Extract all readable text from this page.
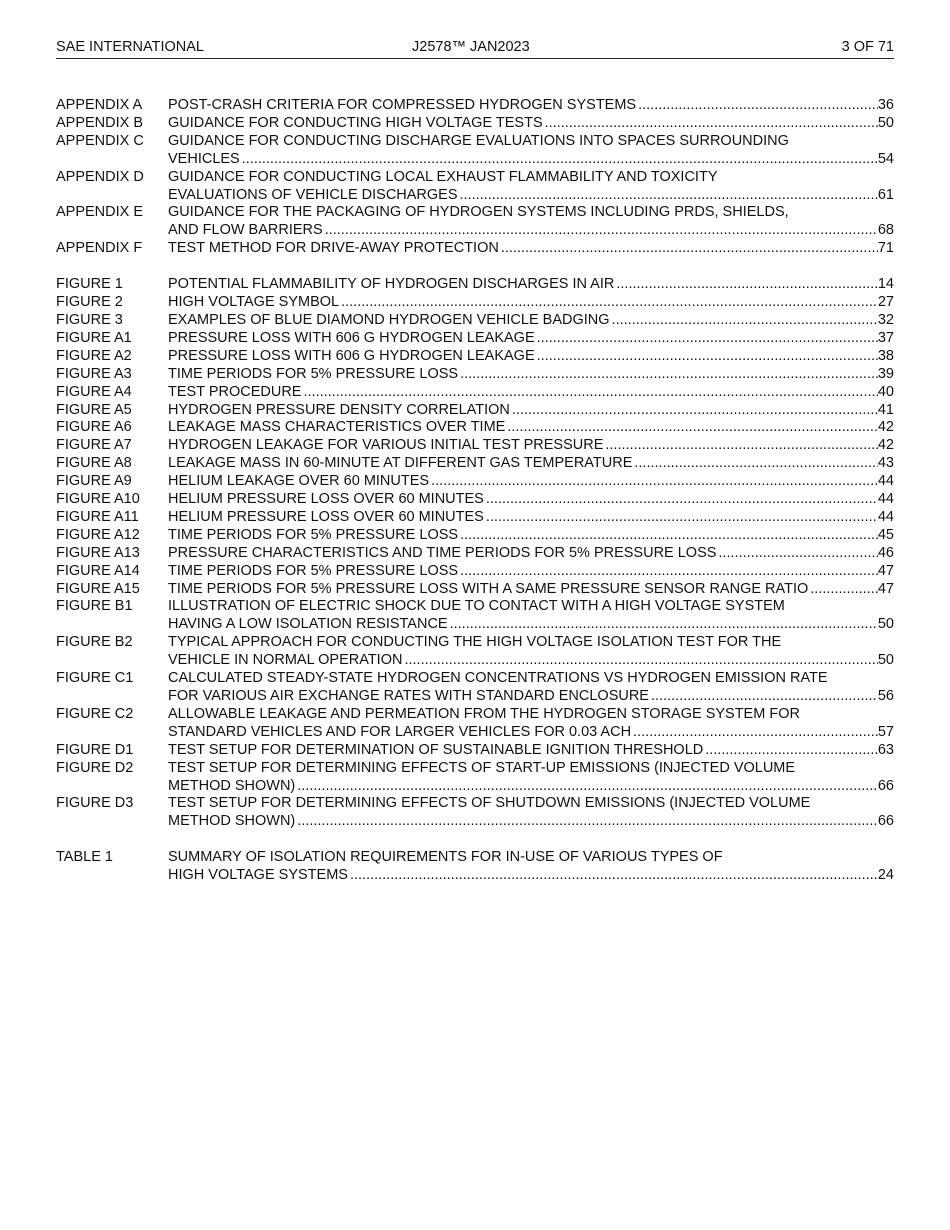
SAE INTERNATIONAL	J2578™ JAN2023	3 OF 71
APPENDIX A	POST-CRASH CRITERIA FOR COMPRESSED HYDROGEN SYSTEMS .....	36
APPENDIX B	GUIDANCE FOR CONDUCTING HIGH VOLTAGE TESTS .....	50
APPENDIX C	GUIDANCE FOR CONDUCTING DISCHARGE EVALUATIONS INTO SPACES SURROUNDING
VEHICLES .....	54
APPENDIX D	GUIDANCE FOR CONDUCTING LOCAL EXHAUST FLAMMABILITY AND TOXICITY
EVALUATIONS OF VEHICLE DISCHARGES .....	61
APPENDIX E	GUIDANCE FOR THE PACKAGING OF HYDROGEN SYSTEMS INCLUDING PRDS, SHIELDS,
AND FLOW BARRIERS .....	68
APPENDIX F	TEST METHOD FOR DRIVE-AWAY PROTECTION .....	71
FIGURE 1	POTENTIAL FLAMMABILITY OF HYDROGEN DISCHARGES IN AIR .....	14
FIGURE 2	HIGH VOLTAGE SYMBOL .....	27
FIGURE 3	EXAMPLES OF BLUE DIAMOND HYDROGEN VEHICLE BADGING .....	32
FIGURE A1	PRESSURE LOSS WITH 606 G HYDROGEN LEAKAGE .....	37
FIGURE A2	PRESSURE LOSS WITH 606 G HYDROGEN LEAKAGE .....	38
FIGURE A3	TIME PERIODS FOR 5% PRESSURE LOSS .....	39
FIGURE A4	TEST PROCEDURE .....	40
FIGURE A5	HYDROGEN PRESSURE DENSITY CORRELATION .....	41
FIGURE A6	LEAKAGE MASS CHARACTERISTICS OVER TIME .....	42
FIGURE A7	HYDROGEN LEAKAGE FOR VARIOUS INITIAL TEST PRESSURE .....	42
FIGURE A8	LEAKAGE MASS IN 60-MINUTE AT DIFFERENT GAS TEMPERATURE .....	43
FIGURE A9	HELIUM LEAKAGE OVER 60 MINUTES .....	44
FIGURE A10	HELIUM PRESSURE LOSS OVER 60 MINUTES .....	44
FIGURE A11	HELIUM PRESSURE LOSS OVER 60 MINUTES .....	44
FIGURE A12	TIME PERIODS FOR 5% PRESSURE LOSS .....	45
FIGURE A13	PRESSURE CHARACTERISTICS AND TIME PERIODS FOR 5% PRESSURE LOSS .....	46
FIGURE A14	TIME PERIODS FOR 5% PRESSURE LOSS .....	47
FIGURE A15	TIME PERIODS FOR 5% PRESSURE LOSS WITH A SAME PRESSURE SENSOR RANGE RATIO .....	47
FIGURE B1	ILLUSTRATION OF ELECTRIC SHOCK DUE TO CONTACT WITH A HIGH VOLTAGE SYSTEM
HAVING A LOW ISOLATION RESISTANCE .....	50
FIGURE B2	TYPICAL APPROACH FOR CONDUCTING THE HIGH VOLTAGE ISOLATION TEST FOR THE
VEHICLE IN NORMAL OPERATION .....	50
FIGURE C1	CALCULATED STEADY-STATE HYDROGEN CONCENTRATIONS VS HYDROGEN EMISSION RATE
FOR VARIOUS AIR EXCHANGE RATES WITH STANDARD ENCLOSURE .....	56
FIGURE C2	ALLOWABLE LEAKAGE AND PERMEATION FROM THE HYDROGEN STORAGE SYSTEM FOR
STANDARD VEHICLES AND FOR LARGER VEHICLES FOR 0.03 ACH .....	57
FIGURE D1	TEST SETUP FOR DETERMINATION OF SUSTAINABLE IGNITION THRESHOLD .....	63
FIGURE D2	TEST SETUP FOR DETERMINING EFFECTS OF START-UP EMISSIONS (INJECTED VOLUME
METHOD SHOWN) .....	66
FIGURE D3	TEST SETUP FOR DETERMINING EFFECTS OF SHUTDOWN EMISSIONS (INJECTED VOLUME
METHOD SHOWN) .....	66
TABLE 1	SUMMARY OF ISOLATION REQUIREMENTS FOR IN-USE OF VARIOUS TYPES OF
HIGH VOLTAGE SYSTEMS .....	24
